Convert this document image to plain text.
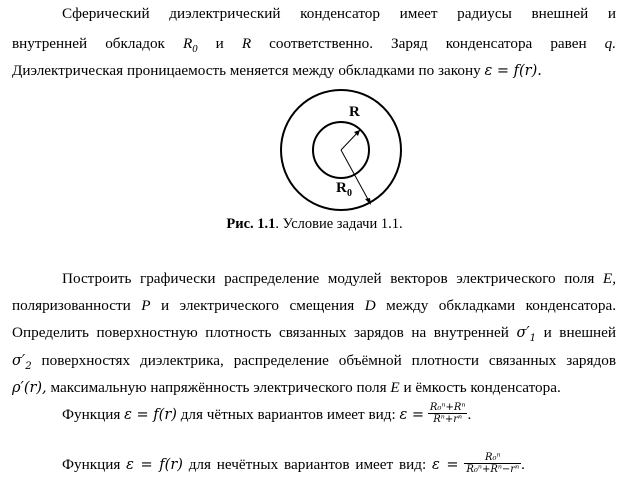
Сферический диэлектрический конденсатор имеет радиусы внешней и
внутренней обкладок $R_0$ и R соответственно. Заряд конденсатора равен q.
Диэлектрическая проницаемость меняется между обкладками по закону ε = f(r).
R
R 0
Рис. 1.1. Условие задачи 1.1.
Построить графически распределение модулей векторов электрического поля E,
поляризованности P и электрического смещения D между обкладками конденсатора.
Определить поверхностную плотность связанных зарядов на внутренней $\sigma'_1$ и внешней
$\sigma'_2$ поверхностях диэлектрика, распределение объёмной плотности связанных зарядов
ρ′(r), максимальную напряжённость электрического поля E и ёмкость конденсатора.
Функция ε = f(r) для чётных вариантов имеет вид: $\varepsilon = \frac{\text{R₀ⁿ+Rⁿ}}{\text{Rⁿ+rⁿ}}$ .
Функция ε = f(r) для нечётных вариантов имеет вид: $\varepsilon = \frac{\text{R₀ⁿ}}{\text{R₀ⁿ+Rⁿ−rⁿ}}$ .
